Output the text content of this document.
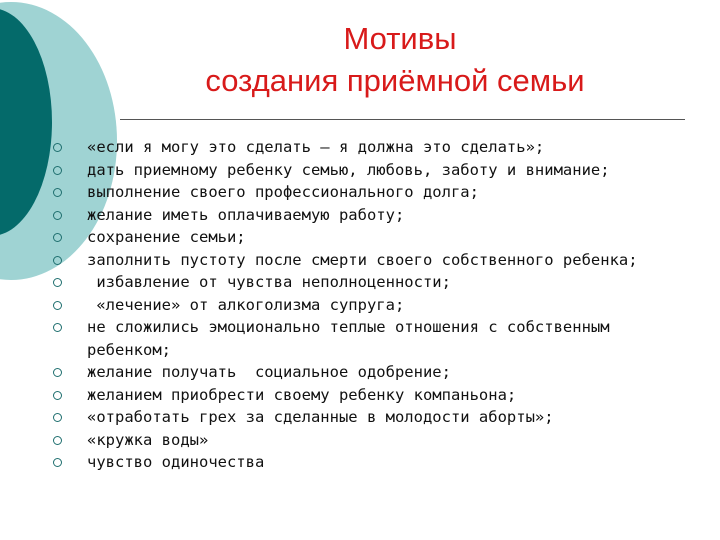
Мотивы
создания приёмной семьи
«если я могу это сделать – я должна это сделать»;
дать приемному ребенку семью, любовь, заботу и внимание;
выполнение своего профессионального долга;
желание иметь оплачиваемую работу;
сохранение семьи;
заполнить пустоту после смерти своего собственного ребенка;
избавление от чувства неполноценности;
«лечение» от алкоголизма супруга;
не сложились эмоционально теплые отношения с собственным
ребенком;
желание получать  социальное одобрение;
желанием приобрести своему ребенку компаньона;
«отработать грех за сделанные в молодости аборты»;
«кружка воды»
чувство одиночества
